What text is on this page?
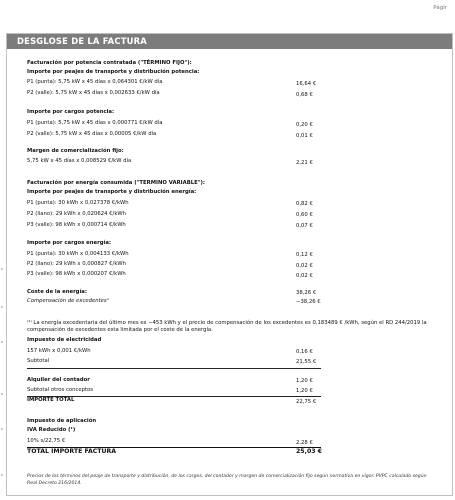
Págir
DESGLOSE DE LA FACTURA
Facturación por potencia contratada ("TÉRMINO FIJO"):
Importe por peajes de transporte y distribución potencia:
P1 (punta): 5,75 kW x 45 días x 0,064301 €/kW día	16,64 €
P2 (valle): 5,75 kW x 45 días x 0,002633 €/kW día	0,68 €
Importe por cargos potencia:
P1 (punta): 5,75 kW x 45 días x 0,000771 €/kW día	0,20 €
P2 (valle): 5,75 kW x 45 días x 0,00005 €/kW día	0,01 €
Margen de comercialización fijo:
5,75 kW x 45 días x 0,008529 €/kW día	2,21 €
Facturación por energía consumida ("TERMINO VARIABLE"):
Importe por peajes de transporte y distribución energía:
P1 (punta): 30 kWh x 0,027378 €/kWh	0,82 €
P2 (llano): 29 kWh x 0,020624 €/kWh	0,60 €
P3 (valle): 98 kWh x 0,000714 €/kWh	0,07 €
Importe por cargos energía:
P1 (punta): 30 kWh x 0,004133 €/kWh	0,12 €
P2 (llano): 29 kWh x 0,000827 €/kWh	0,02 €
P3 (valle): 98 kWh x 0,000207 €/kWh	0,02 €
Coste de la energía:	38,26 €
Compensación de excedentes¹	−38,26 €
⁽¹⁾ La energía excedentaria del último mes es −453 kWh y el precio de compensación de los excedentes es 0,183489 € /kWh, según el RD 244/2019 la compensación de excedentes esta limitada por el coste de la energía.
Impuesto de electricidad
157 kWh x 0,001 €/kWh	0,16 €
Subtotal	21,55 €
Alquiler del contador	1,20 €
Subtotal otros conceptos	1,20 €
IMPORTE TOTAL	22,75 €
Impuesto de aplicación
IVA Reducido (¹)
10% s/22,75 €	2,28 €
TOTAL IMPORTE FACTURA	25,03 €
Precios de los términos del peaje de transporte y distribución, de los cargos, del contador y margen de comercialización fijo según normativa en vigor. PVPC calculado según Real Decreto 216/2014.
